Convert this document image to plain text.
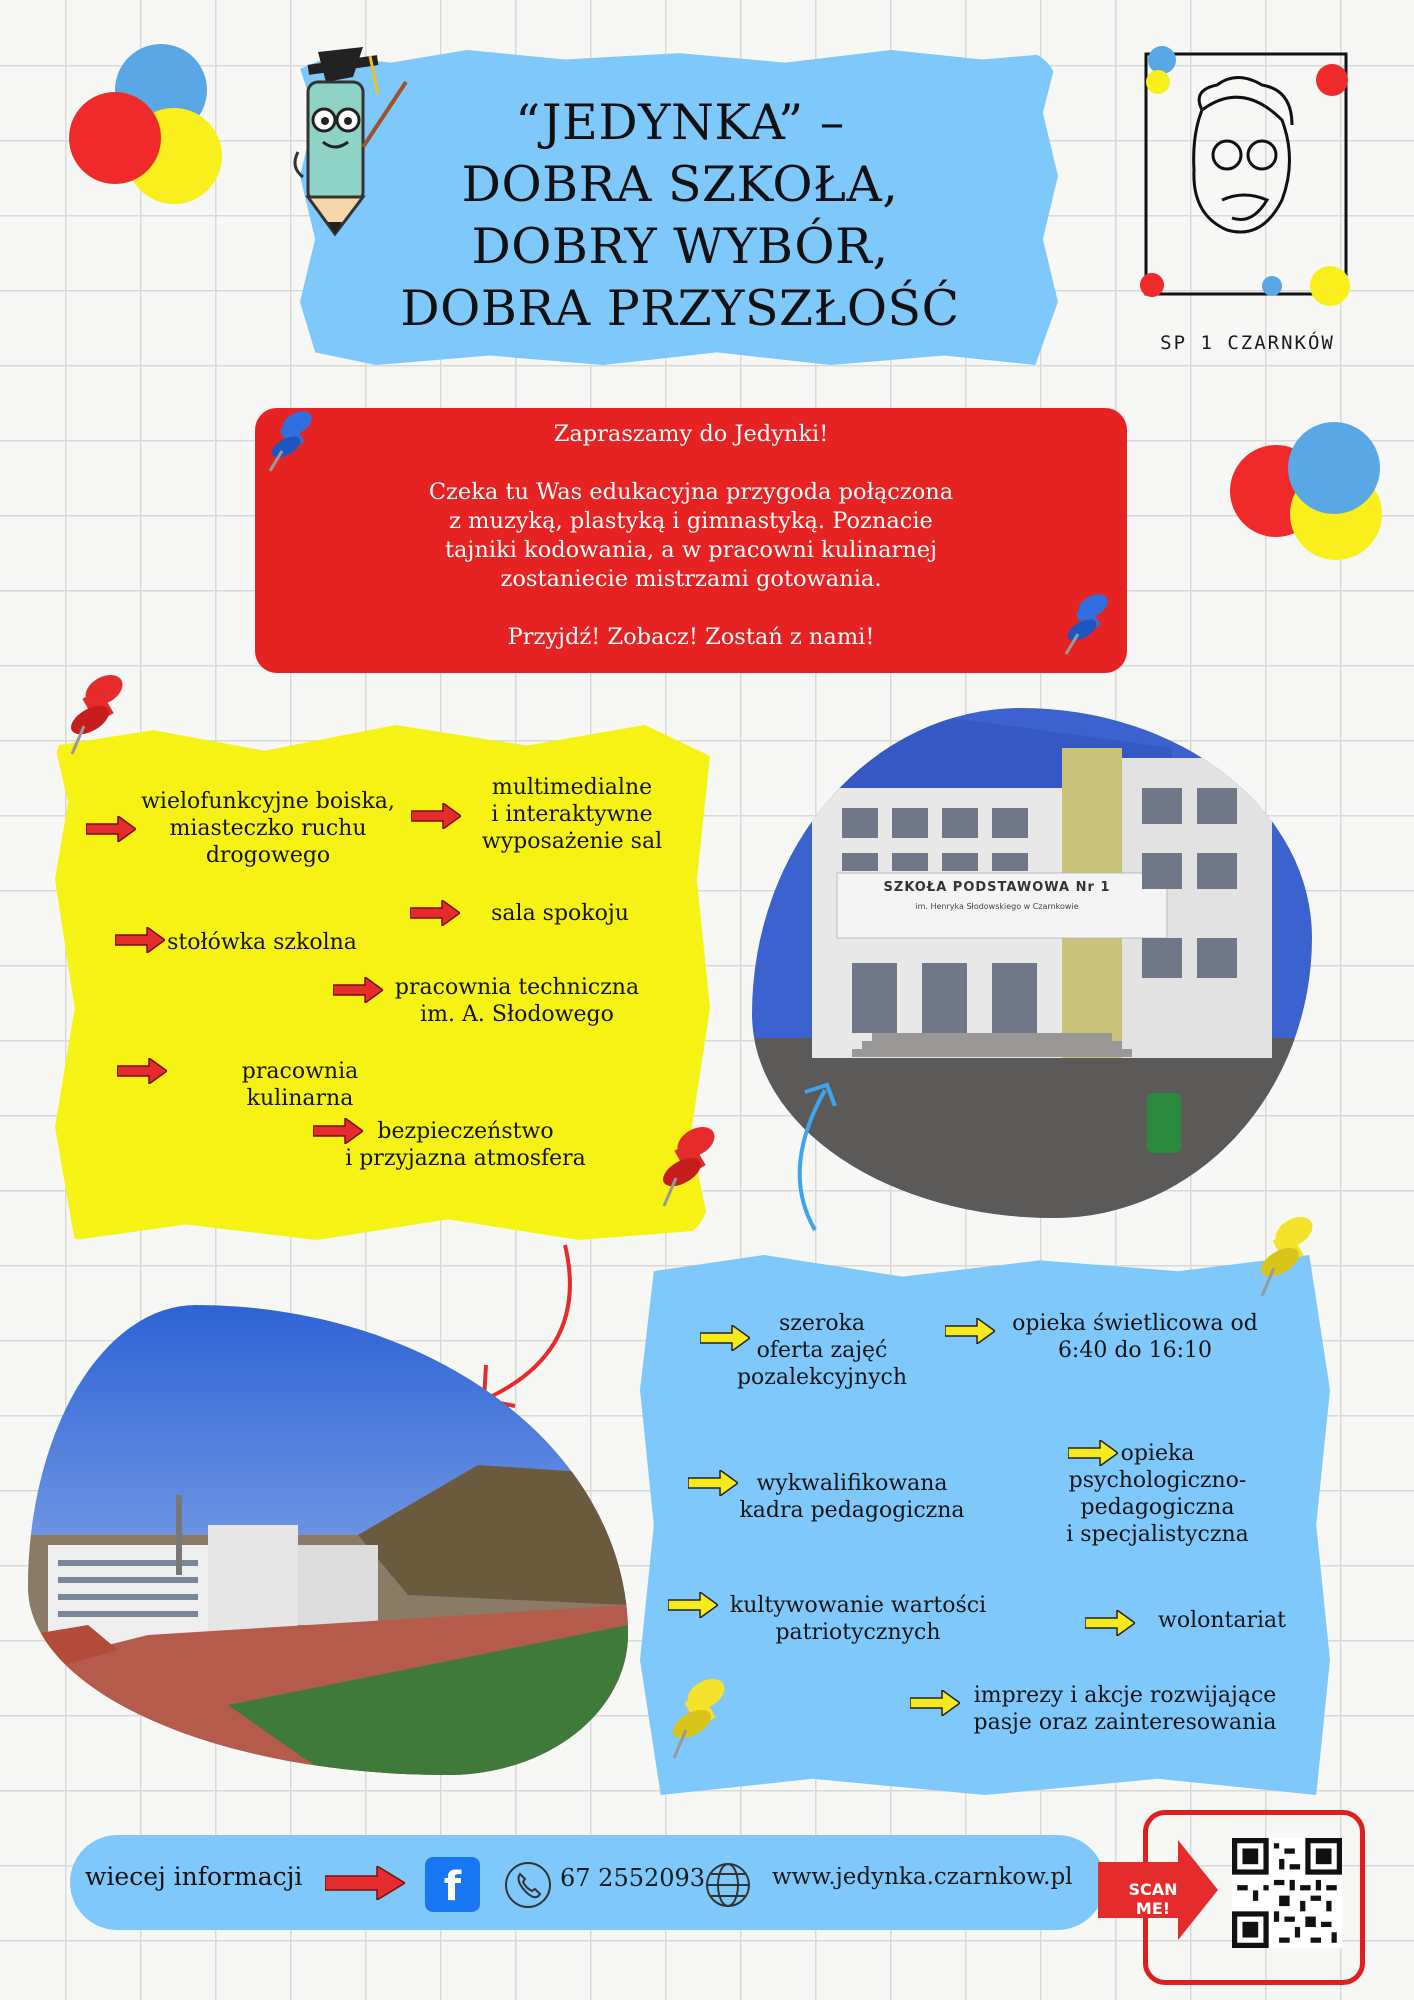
“JEDYNKA” –
DOBRA SZKOŁA,
DOBRY WYBÓR,
DOBRA PRZYSZŁOŚĆ
SP 1 CZARNKÓW

Zapraszamy do Jedynki!

Czeka tu Was edukacyjna przygoda połączona
z muzyką, plastyką i gimnastyką. Poznacie
tajniki kodowania, a w pracowni kulinarnej
zostaniecie mistrzami gotowania.

Przyjdź! Zobacz! Zostań z nami!

wielofunkcyjne boiska,
miasteczko ruchu
drogowego
multimedialne
i interaktywne
wyposażenie sal
sala spokoju
stołówka szkolna
pracownia techniczna
im. A. Słodowego
pracownia kulinarna
bezpieczeństwo
i przyjazna atmosfera
SZKOŁA PODSTAWOWA Nr 1
im. Henryka Słodowskiego w Czarnkowie
szeroka
oferta zajęć
pozalekcyjnych
opieka świetlicowa od
6:40 do 16:10
wykwalifikowana
kadra pedagogiczna
opieka
psychologiczno-
pedagogiczna
i specjalistyczna
kultywowanie wartości
patriotycznych	wolontariat
imprezy i akcje rozwijające
pasje oraz zainteresowania
wiecej informacji	f	67 2552093	www.jedynka.czarnkow.pl	SCAN ME!
